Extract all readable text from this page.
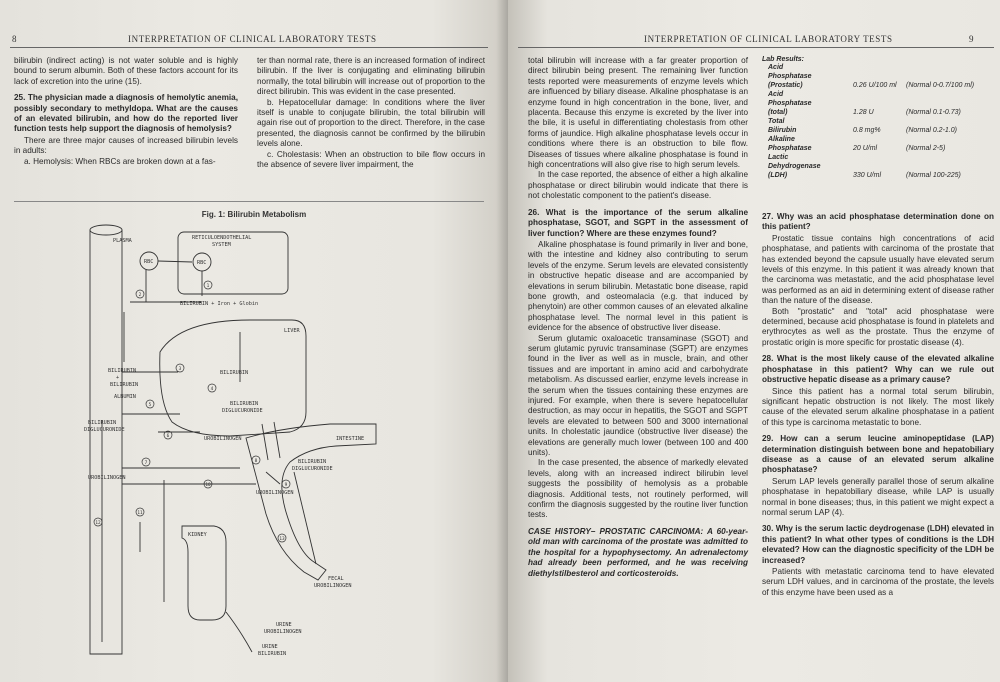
8	INTERPRETATION OF CLINICAL LABORATORY TESTS

bilirubin (indirect acting) is not water soluble and is highly bound to serum albumin. Both of these factors account for its lack of excretion into the urine (15).

25. The physician made a diagnosis of hemolytic anemia, possibly secondary to methyldopa. What are the causes of an elevated bilirubin, and how do the reported liver function tests help support the diagnosis of hemolysis?

There are three major causes of increased bilirubin levels in adults:

a. Hemolysis: When RBCs are broken down at a fas-

ter than normal rate, there is an increased formation of indirect bilirubin. If the liver is conjugating and eliminating bilirubin normally, the total bilirubin will increase out of proportion to the direct bilirubin. This was evident in the case presented.

b. Hepatocellular damage: In conditions where the liver itself is unable to conjugate bilirubin, the total bilirubin will again rise out of proportion to the direct. Therefore, in the case presented, the diagnosis cannot be confirmed by the bilirubin levels alone.

c. Cholestasis: When an obstruction to bile flow occurs in the absence of severe liver impairment, the

Fig. 1: Bilirubin Metabolism
PLASMA	RETICULOENDOTHELIAL
SYSTEM
RBC	RBC
BILIRUBIN + Iron + Globin
LIVER
BILIRUBIN
+
BILIRUBIN
ALBUMIN
BILIRUBIN
BILIRUBIN
DIGLUCURONIDE
BILIRUBIN
DIGLUCURONIDE
UROBILINOGEN	INTESTINE
BILIRUBIN
DIGLUCURONIDE
UROBILINOGEN
UROBILINOGEN
KIDNEY
FECAL
UROBILINOGEN
URINE
UROBILINOGEN
URINE
BILIRUBIN
1
2
3
4
5
6
7	8
9
10
11
12
13
INTERPRETATION OF CLINICAL LABORATORY TESTS	9

total bilirubin will increase with a far greater proportion of direct bilirubin being present. The remaining liver function tests reported were measurements of enzyme levels which are influenced by biliary disease. Alkaline phosphatase is an enzyme found in high concentration in the bone, liver, and placenta. Because this enzyme is excreted by the liver into the bile, it is useful in differentiating cholestasis from other forms of jaundice. High alkaline phosphatase levels occur in conditions where there is an obstruction to bile flow. Diseases of tissues where alkaline phosphatase is found in high concentrations will also give rise to high serum levels.

In the case reported, the absence of either a high alkaline phosphatase or direct bilirubin would indicate that there is not cholestatic component to the patient's disease.

26. What is the importance of the serum alkaline phosphatase, SGOT, and SGPT in the assessment of liver function? Where are these enzymes found?

Alkaline phosphatase is found primarily in liver and bone, with the intestine and kidney also contributing to serum levels of the enzyme. Serum levels are elevated consistently in obstructive hepatic disease and are accompanied by elevations in serum bilirubin. Metastatic bone disease, rapid bone growth, and osteomalacia (e.g. that induced by phenytoin) are other common causes of an elevated alkaline phosphatase level. The normal level in this patient is evidence for the absence of obstructive liver disease.

Serum glutamic oxaloacetic transaminase (SGOT) and serum glutamic pyruvic transaminase (SGPT) are enzymes found in the liver as well as in muscle, brain, and other tissues and are important in amino acid and carbohydrate metabolism. As discussed earlier, enzyme levels increase in the serum when the tissues containing these enzymes are injured. For example, when there is severe hepatocellular destruction, as may occur in hepatitis, the SGOT and SGPT levels are elevated to between 500 and 3000 international units. In cholestatic jaundice (obstructive liver disease) the elevations are generally much lower (between 100 and 400 units).

In the case presented, the absence of markedly elevated levels, along with an increased indirect bilirubin level suggests the possibility of hemolysis as a probable diagnosis. Additional tests, not routinely performed, will confirm the diagnosis suggested by the routine liver function tests.

CASE HISTORY– PROSTATIC CARCINOMA: A 60-year-old man with carcinoma of the prostate was admitted to the hospital for a hypophysectomy. An adrenalectomy had already been performed, and he was receiving diethylstilbesterol and corticosteroids.

Lab Results:
Acid		
Phosphatase		
(Prostatic)	0.26 U/100 ml	(Normal 0-0.7/100 ml)
Acid		
Phosphatase		
(total)	1.28 U	(Normal 0.1-0.73)
Total		
Bilirubin	0.8 mg%	(Normal 0.2-1.0)
Alkaline		
Phosphatase	20 U/ml	(Normal 2-5)
Lactic		
Dehydrogenase		
(LDH)	330 U/ml	(Normal 100-225)

27. Why was an acid phosphatase determination done on this patient?

Prostatic tissue contains high concentrations of acid phosphatase, and patients with carcinoma of the prostate that has extended beyond the capsule usually have elevated serum levels of this enzyme. In this patient it was already known that the carcinoma was metastatic, and the acid phosphatase level was performed as an aid in determining extent of disease rather than the nature of the disease.

Both "prostatic" and "total" acid phosphatase were determined, because acid phosphatase is found in platelets and erythrocytes as well as the prostate. Thus the enzyme of prostatic origin is more specific for prostatic disease (4).

28. What is the most likely cause of the elevated alkaline phosphatase in this patient? Why can we rule out obstructive hepatic disease as a primary cause?

Since this patient has a normal total serum bilirubin, significant hepatic obstruction is not likely. The most likely cause of the elevated serum alkaline phosphatase in a patient of this type is carcinoma metastatic to bone.

29. How can a serum leucine aminopeptidase (LAP) determination distinguish between bone and hepatobiliary disease as a cause of an elevated serum alkaline phosphatase?

Serum LAP levels generally parallel those of serum alkaline phosphatase in hepatobiliary disease, while LAP is usually normal in bone diseases; thus, in this patient we might expect a normal serum LAP (4).

30. Why is the serum lactic deydrogenase (LDH) elevated in this patient? In what other types of conditions is the LDH elevated? How can the diagnostic specificity of the LDH be increased?

Patients with metastatic carcinoma tend to have elevated serum LDH values, and in carcinoma of the prostate, the levels of this enzyme have been used as a
